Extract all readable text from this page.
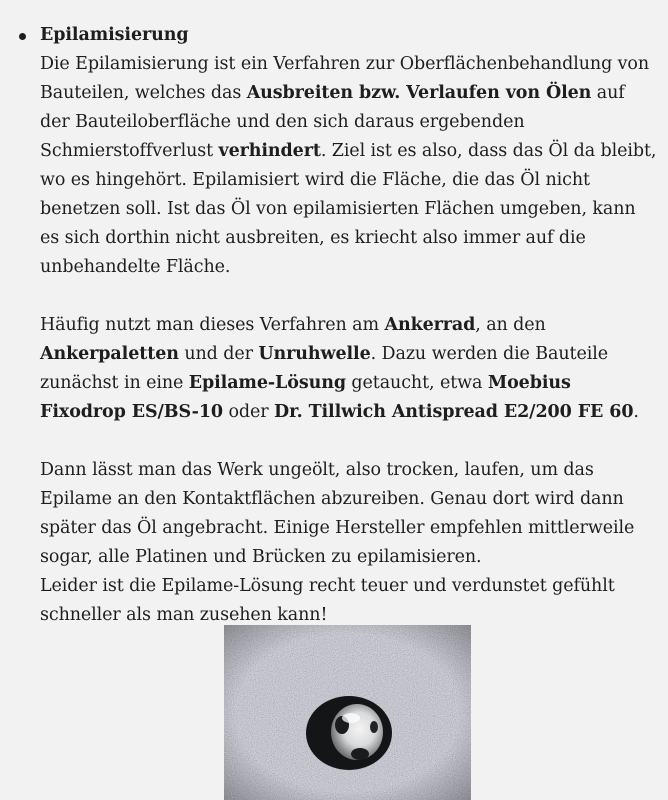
Epilamisierung

Die Epilamisierung ist ein Verfahren zur Oberflächenbehandlung von Bauteilen, welches das Ausbreiten bzw. Verlaufen von Ölen auf der Bauteiloberfläche und den sich daraus ergebenden Schmierstoffverlust verhindert. Ziel ist es also, dass das Öl da bleibt, wo es hingehört. Epilamisiert wird die Fläche, die das Öl nicht benetzen soll. Ist das Öl von epilamisierten Flächen umgeben, kann es sich dorthin nicht ausbreiten, es kriecht also immer auf die unbehandelte Fläche.

Häufig nutzt man dieses Verfahren am Ankerrad, an den Ankerpaletten und der Unruhwelle. Dazu werden die Bauteile zunächst in eine Epilame-Lösung getaucht, etwa Moebius Fixodrop ES/BS-10 oder Dr. Tillwich Antispread E2/200 FE 60.

Dann lässt man das Werk ungeölt, also trocken, laufen, um das Epilame an den Kontaktflächen abzureiben. Genau dort wird dann später das Öl angebracht. Einige Hersteller empfehlen mittlerweile sogar, alle Platinen und Brücken zu epilamisieren.
Leider ist die Epilame-Lösung recht teuer und verdunstet gefühlt schneller als man zusehen kann!
